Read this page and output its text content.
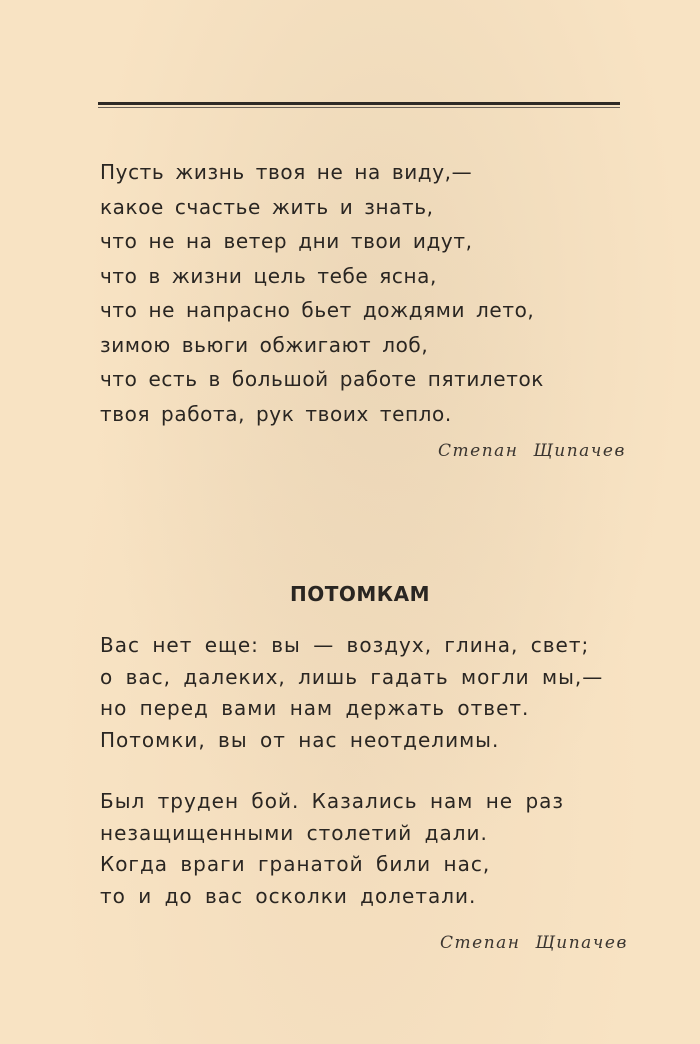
Пусть жизнь твоя не на виду,—
какое счастье жить и знать,
что не на ветер дни твои идут,
что в жизни цель тебе ясна,
что не напрасно бьет дождями лето,
зимою вьюги обжигают лоб,
что есть в большой работе пятилеток
твоя работа, рук твоих тепло.
Степан Щипачев
ПОТОМКАМ
Вас нет еще: вы — воздух, глина, свет;
о вас, далеких, лишь гадать могли мы,—
но перед вами нам держать ответ.
Потомки, вы от нас неотделимы.
Был труден бой. Казались нам не раз
незащищенными столетий дали.
Когда враги гранатой били нас,
то и до вас осколки долетали.
Степан Щипачев
